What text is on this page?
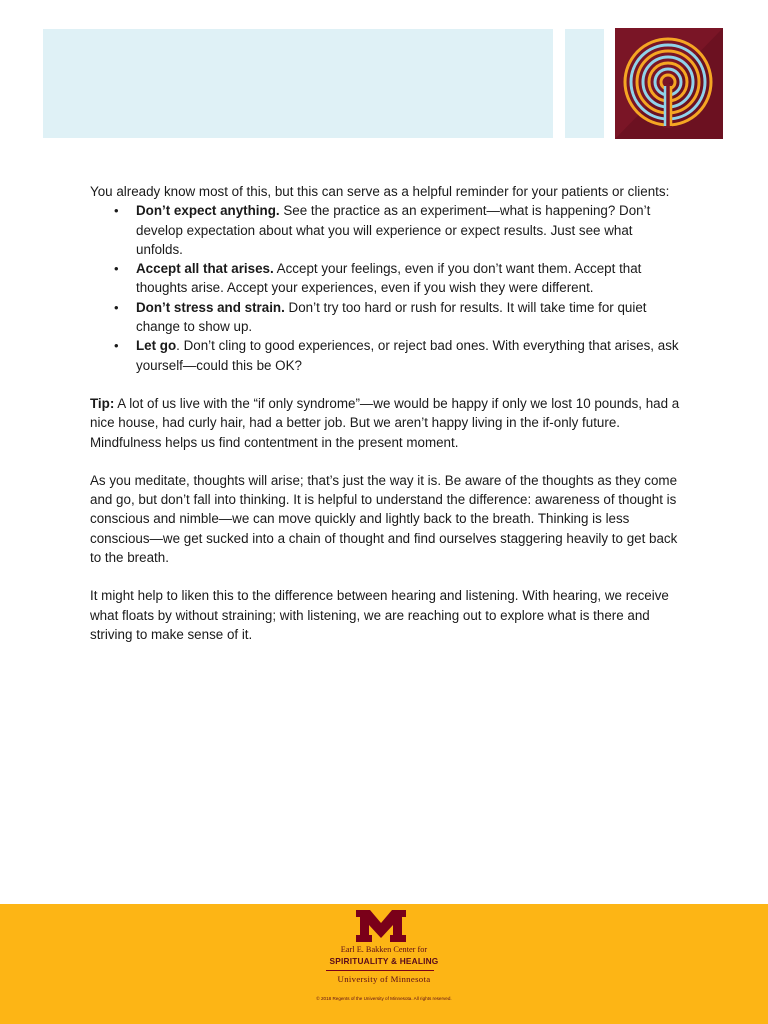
You already know most of this, but this can serve as a helpful reminder for your patients or clients:

• Don’t expect anything. See the practice as an experiment—what is happening? Don’t develop expectation about what you will experience or expect results. Just see what unfolds.
• Accept all that arises. Accept your feelings, even if you don’t want them. Accept that thoughts arise. Accept your experiences, even if you wish they were different.
• Don’t stress and strain. Don’t try too hard or rush for results. It will take time for quiet change to show up.
• Let go. Don’t cling to good experiences, or reject bad ones. With everything that arises, ask yourself—could this be OK?

Tip: A lot of us live with the “if only syndrome”—we would be happy if only we lost 10 pounds, had a nice house, had curly hair, had a better job. But we aren’t happy living in the if-only future. Mindfulness helps us find contentment in the present moment.

As you meditate, thoughts will arise; that’s just the way it is. Be aware of the thoughts as they come and go, but don’t fall into thinking. It is helpful to understand the difference: awareness of thought is conscious and nimble—we can move quickly and lightly back to the breath. Thinking is less conscious—we get sucked into a chain of thought and find ourselves staggering heavily to get back to the breath.

It might help to liken this to the difference between hearing and listening. With hearing, we receive what floats by without straining; with listening, we are reaching out to explore what is there and striving to make sense of it.

Earl E. Bakken Center for
SPIRITUALITY & HEALING
University of Minnesota
© 2018 Regents of the University of Minnesota. All rights reserved.
